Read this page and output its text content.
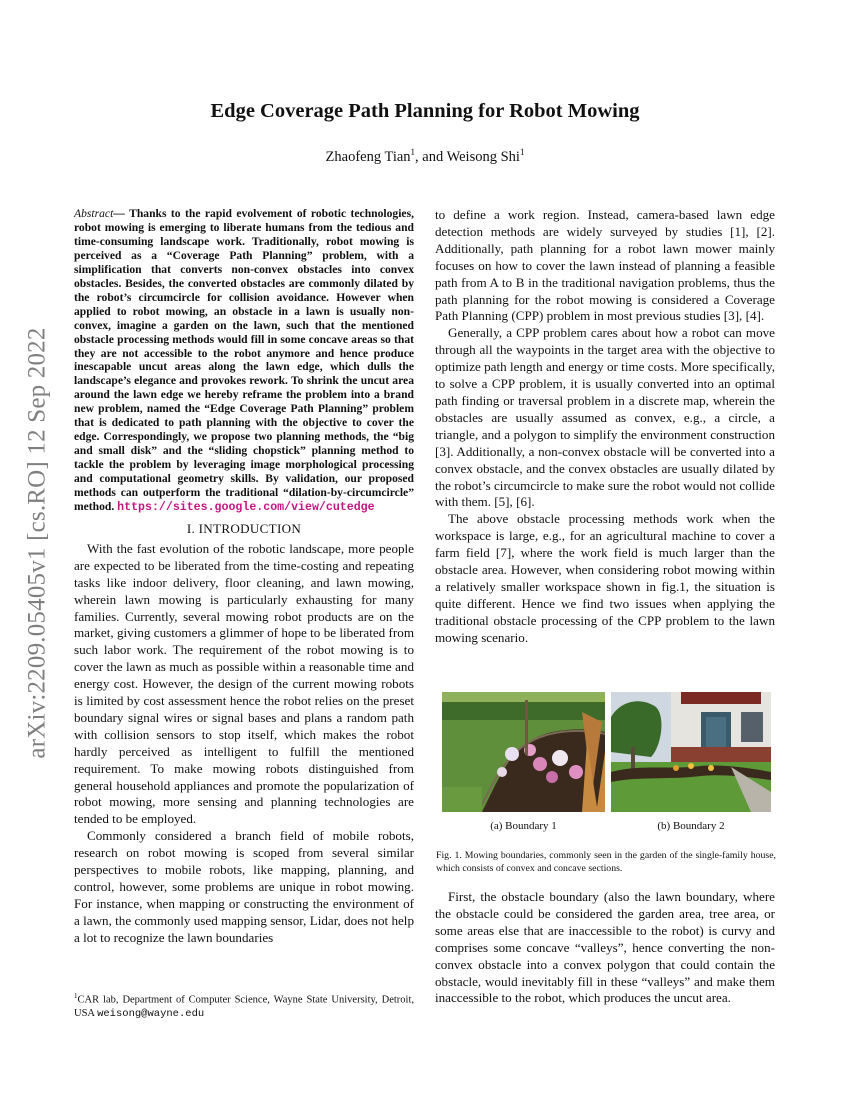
arXiv:2209.05405v1 [cs.RO] 12 Sep 2022
Edge Coverage Path Planning for Robot Mowing
Zhaofeng Tian$^1$, and Weisong Shi$^1$

Abstract— Thanks to the rapid evolvement of robotic technologies, robot mowing is emerging to liberate humans from the tedious and time-consuming landscape work. Traditionally, robot mowing is perceived as a “Coverage Path Planning” problem, with a simplification that converts non-convex obstacles into convex obstacles. Besides, the converted obstacles are commonly dilated by the robot’s circumcircle for collision avoidance. However when applied to robot mowing, an obstacle in a lawn is usually non-convex, imagine a garden on the lawn, such that the mentioned obstacle processing methods would fill in some concave areas so that they are not accessible to the robot anymore and hence produce inescapable uncut areas along the lawn edge, which dulls the landscape’s elegance and provokes rework. To shrink the uncut area around the lawn edge we hereby reframe the problem into a brand new problem, named the “Edge Coverage Path Planning” problem that is dedicated to path planning with the objective to cover the edge. Correspondingly, we propose two planning methods, the “big and small disk” and the “sliding chopstick” planning method to tackle the problem by leveraging image morphological processing and computational geometry skills. By validation, our proposed methods can outperform the traditional “dilation-by-circumcircle” method. https://sites.google.com/view/cutedge

I. INTRODUCTION

With the fast evolution of the robotic landscape, more people are expected to be liberated from the time-costing and repeating tasks like indoor delivery, floor cleaning, and lawn mowing, wherein lawn mowing is particularly exhausting for many families. Currently, several mowing robot products are on the market, giving customers a glimmer of hope to be liberated from such labor work. The requirement of the robot mowing is to cover the lawn as much as possible within a reasonable time and energy cost. However, the design of the current mowing robots is limited by cost assessment hence the robot relies on the preset boundary signal wires or signal bases and plans a random path with collision sensors to stop itself, which makes the robot hardly perceived as intelligent to fulfill the mentioned requirement. To make mowing robots distinguished from general household appliances and promote the popularization of robot mowing, more sensing and planning technologies are tended to be employed.

Commonly considered a branch field of mobile robots, research on robot mowing is scoped from several similar perspectives to mobile robots, like mapping, planning, and control, however, some problems are unique in robot mowing. For instance, when mapping or constructing the environment of a lawn, the commonly used mapping sensor, Lidar, does not help a lot to recognize the lawn boundaries

$^1$CAR lab, Department of Computer Science, Wayne State University, Detroit, USA weisong@wayne.edu

to define a work region. Instead, camera-based lawn edge detection methods are widely surveyed by studies [1], [2]. Additionally, path planning for a robot lawn mower mainly focuses on how to cover the lawn instead of planning a feasible path from A to B in the traditional navigation problems, thus the path planning for the robot mowing is considered a Coverage Path Planning (CPP) problem in most previous studies [3], [4].

Generally, a CPP problem cares about how a robot can move through all the waypoints in the target area with the objective to optimize path length and energy or time costs. More specifically, to solve a CPP problem, it is usually converted into an optimal path finding or traversal problem in a discrete map, wherein the obstacles are usually assumed as convex, e.g., a circle, a triangle, and a polygon to simplify the environment construction [3]. Additionally, a non-convex obstacle will be converted into a convex obstacle, and the convex obstacles are usually dilated by the robot’s circumcircle to make sure the robot would not collide with them. [5], [6].

The above obstacle processing methods work when the workspace is large, e.g., for an agricultural machine to cover a farm field [7], where the work field is much larger than the obstacle area. However, when considering robot mowing within a relatively smaller workspace shown in fig.1, the situation is quite different. Hence we find two issues when applying the traditional obstacle processing of the CPP problem to the lawn mowing scenario.

(a) Boundary 1	(b) Boundary 2
Fig. 1. Mowing boundaries, commonly seen in the garden of the single-family house, which consists of convex and concave sections.

First, the obstacle boundary (also the lawn boundary, where the obstacle could be considered the garden area, tree area, or some areas else that are inaccessible to the robot) is curvy and comprises some concave “valleys”, hence converting the non-convex obstacle into a convex polygon that could contain the obstacle, would inevitably fill in these “valleys” and make them inaccessible to the robot, which produces the uncut area.
